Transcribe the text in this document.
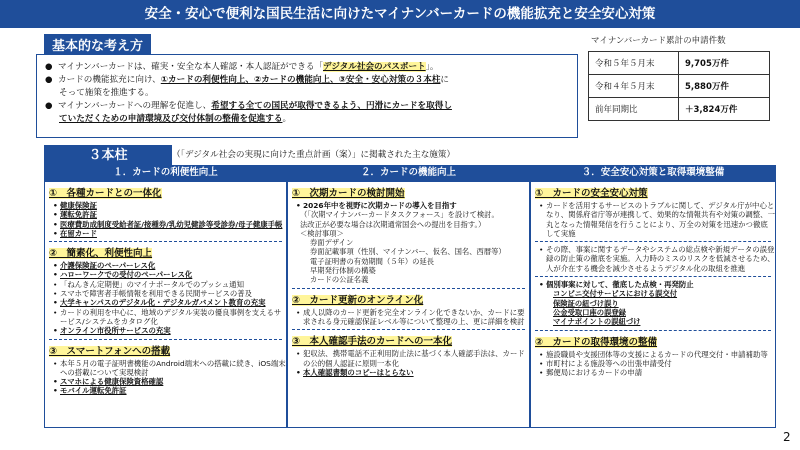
安全・安心で便利な国民生活に向けたマイナンバーカードの機能拡充と安全安心対策
基本的な考え方
●  マイナンバーカードは、確実・安全な本人確認・本人認証ができる「デジタル社会のパスポート」。
●  カードの機能拡充に向け、①カードの利便性向上、②カードの機能向上、③安全・安心対策の３本柱に
そって施策を推進する。
●  マイナンバーカードへの理解を促進し、希望する全ての国民が取得できるよう、円滑にカードを取得し
ていただくための申請環境及び交付体制の整備を促進する。
マイナンバーカード累計の申請件数
令和５年５月末	9,705万件
令和４年５月末	5,880万件
前年同期比	＋3,824万件
３本柱	（「デジタル社会の実現に向けた重点計画（案）」に掲載された主な施策）
１．カードの利便性向上
①　各種カードとの一体化
• 健康保険証
• 運転免許証
• 医療費助成制度受給者証/接種券/乳幼児健診等受診券/母子健康手帳
• 在留カード
②　簡素化、利便性向上
• 介護保険証のペーパーレス化
• ハローワークでの受付のペーパーレス化
• 「ねんきん定期便」のマイナポータルでのプッシュ通知
• スマホで障害者手帳情報を利用できる民間サービスの普及
• 大学キャンパスのデジタル化・デジタルガバメント教育の充実
• カードの利用を中心に、地域のデジタル実装の優良事例を支えるサービス/システムをカタログ化
• オンライン市役所サービスの充実
③　スマートフォンへの搭載
• 本年５月の電子証明書機能のAndroid端末への搭載に続き、iOS端末への搭載について実現検討
• スマホによる健康保険資格確認
• モバイル運転免許証
２．カードの機能向上
①　次期カードの検討開始
• 2026年中を視野に次期カードの導入を目指す
（「次期マイナンバーカードタスクフォース」を設けて検討。
法改正が必要な場合は次期通常国会への提出を目指す。）
＜検討事項＞
券面デザイン
券面記載事項（性別、マイナンバー、仮名、国名、西暦等）
電子証明書の有効期間（５年）の延長
早期発行体制の構築
カードの公証名義
②　カード更新のオンライン化
• 成人以降のカード更新を完全オンライン化できないか、カードに要求される身元確認保証レベル等について整理の上、更に詳細を検討
③　本人確認手法のカードへの一本化
• 犯収法、携帯電話不正利用防止法に基づく本人確認手法は、カードの公的個人認証に原則一本化
• 本人確認書類のコピーはとらない
３．安全安心対策と取得環境整備
①　カードの安全安心対策
• カードを活用するサービスのトラブルに関して、デジタル庁が中心となり、関係府省庁等が連携して、効果的な情報共有や対策の調整、一丸となった情報発信を行うことにより、万全の対策を迅速かつ徹底して実施
• その際、事案に関するデータやシステムの総点検や新規データの誤登録の防止策の徹底を実施。入力時のミスのリスクを低減させるため、人が介在する機会を減少させるようデジタル化の取組を推進
• 個別事案に対して、徹底した点検・再発防止
コンビニ交付サービスにおける誤交付
保険証の紐づけ誤り
公金受取口座の誤登録
マイナポイントの誤紐づけ
②　カードの取得環境の整備
• 施設職員や支援団体等の支援によるカードの代理交付・申請補助等
• 市町村による施設等への出張申請受付
• 郵便局におけるカードの申請
2
